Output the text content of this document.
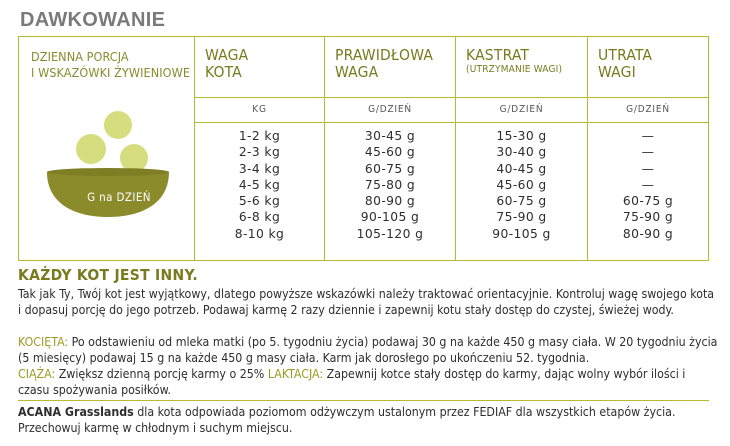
DAWKOWANIE
DZIENNA PORCJA
I WSKAZÓWKI ŻYWIENIOWE
G na DZIEŃ
WAGA
KOTA
KG
1-2 kg
2-3 kg
3-4 kg
4-5 kg
5-6 kg
6-8 kg
8-10 kg
PRAWIDŁOWA
WAGA
G/DZIEŃ
30-45 g
45-60 g
60-75 g
75-80 g
80-90 g
90-105 g
105-120 g
KASTRAT
(UTRZYMANIE WAGI)
G/DZIEŃ
15-30 g
30-40 g
40-45 g
45-60 g
60-75 g
75-90 g
90-105 g
UTRATA
WAGI
G/DZIEŃ
—
—
—
—
60-75 g
75-90 g
80-90 g
KAŻDY KOT JEST INNY.

Tak jak Ty, Twój kot jest wyjątkowy, dlatego powyższe wskazówki należy traktować orientacyjnie. Kontroluj wagę swojego kota i dopasuj porcję do jego potrzeb. Podawaj karmę 2 razy dziennie i zapewnij kotu stały dostęp do czystej, świeżej wody.

KOCIĘTA: Po odstawieniu od mleka matki (po 5. tygodniu życia) podawaj 30 g na każde 450 g masy ciała. W 20 tygodniu życia (5 miesięcy) podawaj 15 g na każde 450 g masy ciała. Karm jak dorosłego po ukończeniu 52. tygodnia.

CIĄŻA: Zwiększ dzienną porcję karmy o 25% LAKTACJA: Zapewnij kotce stały dostęp do karmy, dając wolny wybór ilości i czasu spożywania posiłków.

ACANA Grasslands dla kota odpowiada poziomom odżywczym ustalonym przez FEDIAF dla wszystkich etapów życia. Przechowuj karmę w chłodnym i suchym miejscu.
